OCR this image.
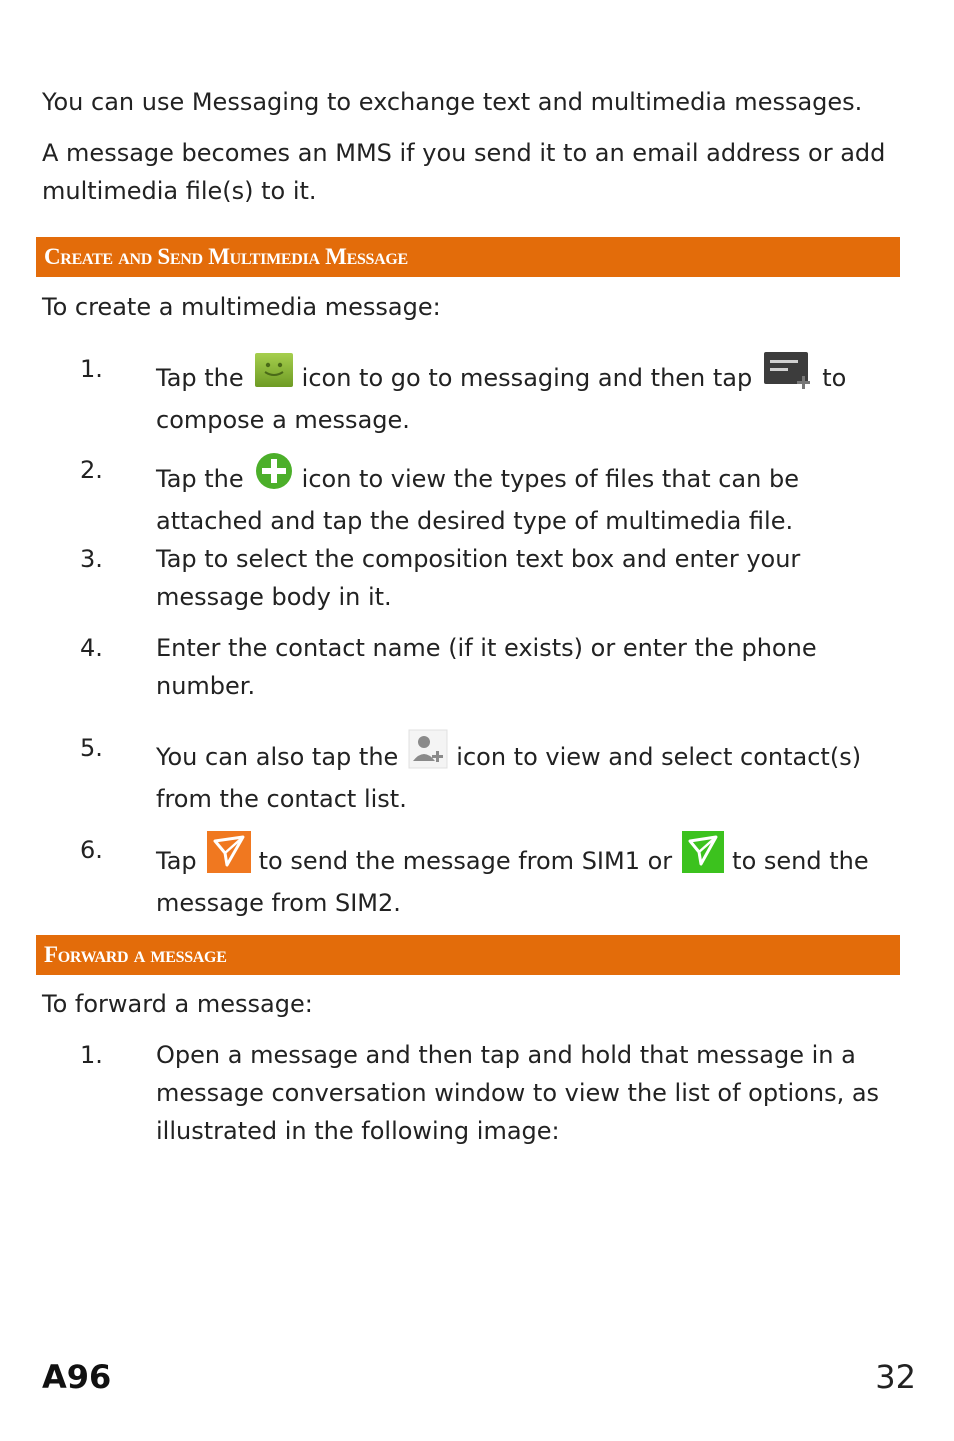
You can use Messaging to exchange text and multimedia messages.

A message becomes an MMS if you send it to an email address or add multimedia file(s) to it.

Create and Send Multimedia Message

To create a multimedia message:

1. Tap the icon to go to messaging and then tap	to compose a message.
2. Tap the icon to view the types of files that can be attached and tap the desired type of multimedia file.
3. Tap to select the composition text box and enter your message body in it.
4. Enter the contact name (if it exists) or enter the phone number.
5. You can also tap the icon to view and select contact(s) from the contact list.
6. Tap	to send the message from SIM1 or	to send the message from SIM2.
Forward a message

To forward a message:

1. Open a message and then tap and hold that message in a message conversation window to view the list of options, as illustrated in the following image:
A96	32
